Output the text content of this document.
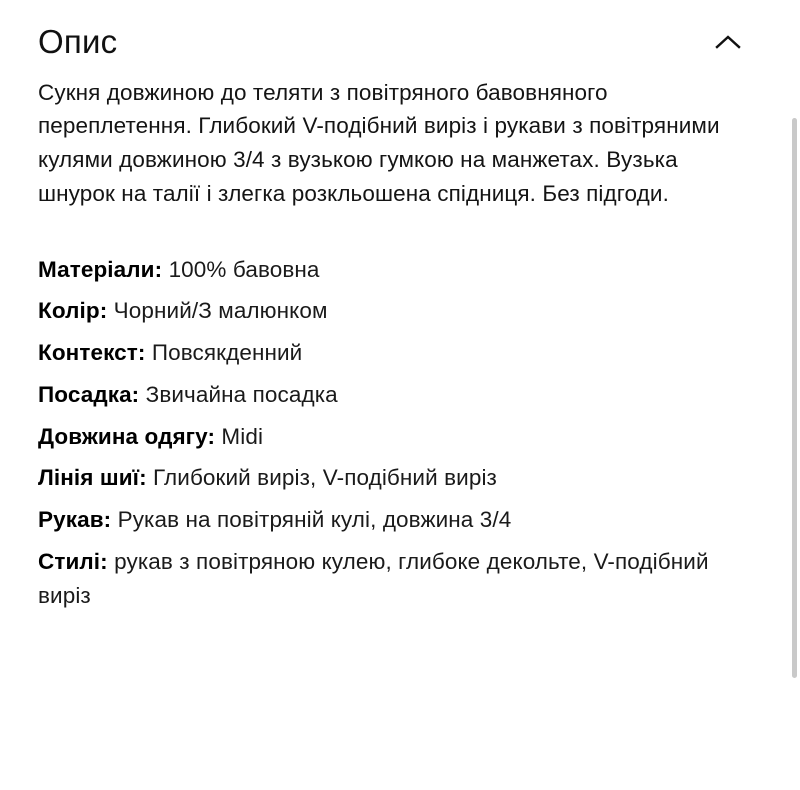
Опис
Сукня довжиною до теляти з повітряного бавовняного переплетення. Глибокий V-подібний виріз і рукави з повітряними кулями довжиною 3/4 з вузькою гумкою на манжетах. Вузька шнурок на талії і злегка розкльошена спідниця. Без підгоди.
Матеріали: 100% бавовна
Колір: Чорний/З малюнком
Контекст: Повсякденний
Посадка: Звичайна посадка
Довжина одягу: Midi
Лінія шиї: Глибокий виріз, V-подібний виріз
Рукав: Рукав на повітряній кулі, довжина 3/4
Стилі: рукав з повітряною кулею, глибоке декольте, V-подібний виріз
